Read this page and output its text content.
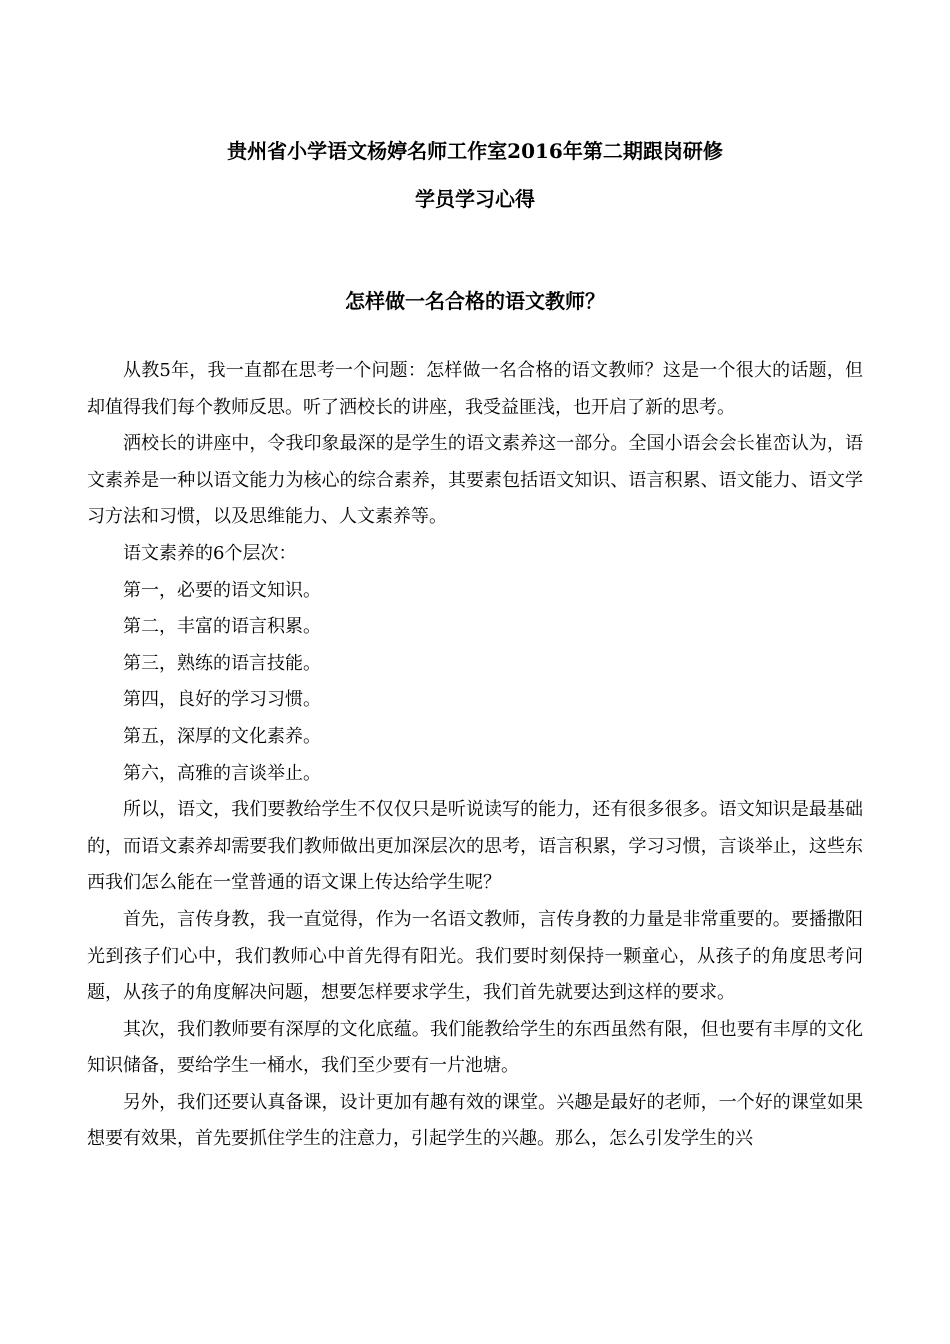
贵州省小学语文杨婷名师工作室2016年第二期跟岗研修
学员学习心得
怎样做一名合格的语文教师？

从教5年，我一直都在思考一个问题：怎样做一名合格的语文教师？这是一个很大的话题，但却值得我们每个教师反思。听了洒校长的讲座，我受益匪浅，也开启了新的思考。

洒校长的讲座中，令我印象最深的是学生的语文素养这一部分。全国小语会会长崔峦认为，语文素养是一种以语文能力为核心的综合素养，其要素包括语文知识、语言积累、语文能力、语文学习方法和习惯，以及思维能力、人文素养等。

语文素养的6个层次：

第一，必要的语文知识。

第二，丰富的语言积累。

第三，熟练的语言技能。

第四，良好的学习习惯。

第五，深厚的文化素养。

第六，高雅的言谈举止。

所以，语文，我们要教给学生不仅仅只是听说读写的能力，还有很多很多。语文知识是最基础的，而语文素养却需要我们教师做出更加深层次的思考，语言积累，学习习惯，言谈举止，这些东西我们怎么能在一堂普通的语文课上传达给学生呢？

首先，言传身教，我一直觉得，作为一名语文教师，言传身教的力量是非常重要的。要播撒阳光到孩子们心中，我们教师心中首先得有阳光。我们要时刻保持一颗童心，从孩子的角度思考问题，从孩子的角度解决问题，想要怎样要求学生，我们首先就要达到这样的要求。

其次，我们教师要有深厚的文化底蕴。我们能教给学生的东西虽然有限，但也要有丰厚的文化知识储备，要给学生一桶水，我们至少要有一片池塘。

另外，我们还要认真备课，设计更加有趣有效的课堂。兴趣是最好的老师，一个好的课堂如果想要有效果，首先要抓住学生的注意力，引起学生的兴趣。那么，怎么引发学生的兴
